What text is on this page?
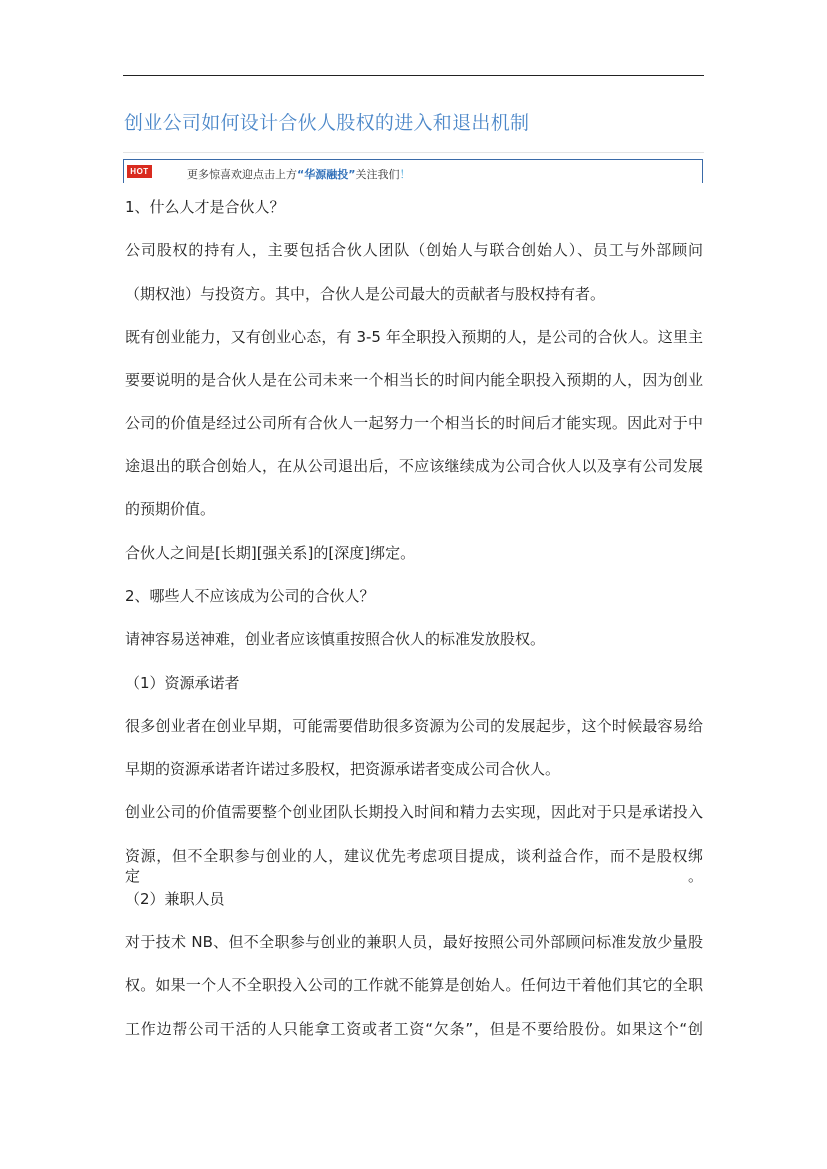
创业公司如何设计合伙人股权的进入和退出机制
HOT	更多惊喜欢迎点击上方“华源融投”关注我们！

1、什么人才是合伙人？

公司股权的持有人，主要包括合伙人团队（创始人与联合创始人）、员工与外部顾问

（期权池）与投资方。其中，合伙人是公司最大的贡献者与股权持有者。

既有创业能力，又有创业心态，有 3-5 年全职投入预期的人，是公司的合伙人。这里主

要要说明的是合伙人是在公司未来一个相当长的时间内能全职投入预期的人，因为创业

公司的价值是经过公司所有合伙人一起努力一个相当长的时间后才能实现。因此对于中

途退出的联合创始人，在从公司退出后，不应该继续成为公司合伙人以及享有公司发展

的预期价值。

合伙人之间是[长期][强关系]的[深度]绑定。

2、哪些人不应该成为公司的合伙人？

请神容易送神难，创业者应该慎重按照合伙人的标准发放股权。

（1）资源承诺者

很多创业者在创业早期，可能需要借助很多资源为公司的发展起步，这个时候最容易给

早期的资源承诺者许诺过多股权，把资源承诺者变成公司合伙人。

创业公司的价值需要整个创业团队长期投入时间和精力去实现，因此对于只是承诺投入

资源，但不全职参与创业的人，建议优先考虑项目提成，谈利益合作，而不是股权绑定。

（2）兼职人员

对于技术 NB、但不全职参与创业的兼职人员，最好按照公司外部顾问标准发放少量股

权。如果一个人不全职投入公司的工作就不能算是创始人。任何边干着他们其它的全职

工作边帮公司干活的人只能拿工资或者工资“欠条”，但是不要给股份。如果这个“创
